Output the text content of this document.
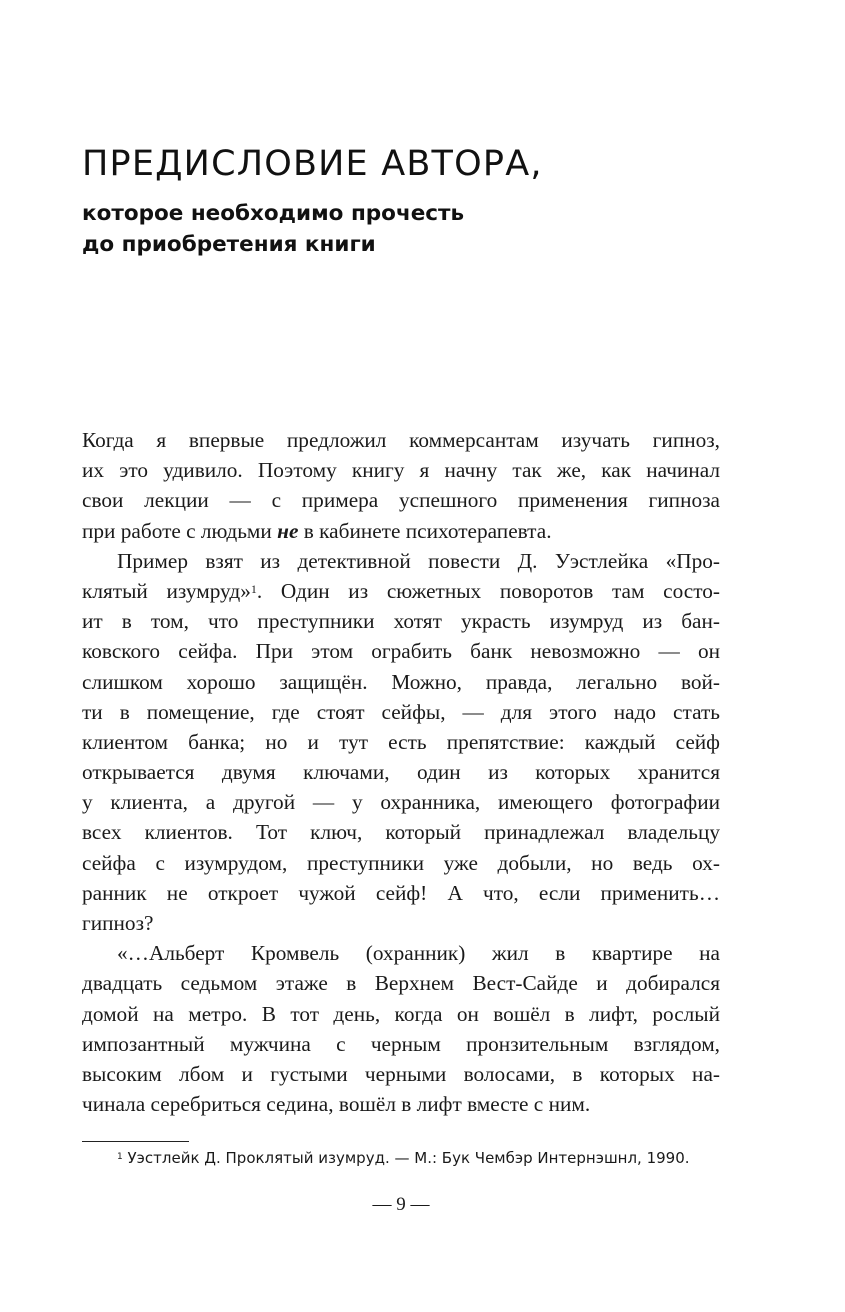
ПРЕДИСЛОВИЕ АВТОРА,
которое необходимо прочесть
до приобретения книги
Когда я впервые предложил коммерсантам изучать гипноз,
их это удивило. Поэтому книгу я начну так же, как начинал
свои лекции — с примера успешного применения гипноза
при работе с людьми не в кабинете психотерапевта.
Пример взят из детективной повести Д. Уэстлейка «Про-
клятый изумруд»$^1$. Один из сюжетных поворотов там состо-
ит в том, что преступники хотят украсть изумруд из бан-
ковского сейфа. При этом ограбить банк невозможно — он
слишком хорошо защищён. Можно, правда, легально вой-
ти в помещение, где стоят сейфы, — для этого надо стать
клиентом банка; но и тут есть препятствие: каждый сейф
открывается двумя ключами, один из которых хранится
у клиента, а другой — у охранника, имеющего фотографии
всех клиентов. Тот ключ, который принадлежал владельцу
сейфа с изумрудом, преступники уже добыли, но ведь ох-
ранник не откроет чужой сейф! А что, если применить…
гипноз?
«…Альберт Кромвель (охранник) жил в квартире на
двадцать седьмом этаже в Верхнем Вест-Сайде и добирался
домой на метро. В тот день, когда он вошёл в лифт, рослый
импозантный мужчина с черным пронзительным взглядом,
высоким лбом и густыми черными волосами, в которых на-
чинала серебриться седина, вошёл в лифт вместе с ним.
$^1$ Уэстлейк Д. Проклятый изумруд. — М.: Бук Чембэр Интернэшнл, 1990.
— 9 —
